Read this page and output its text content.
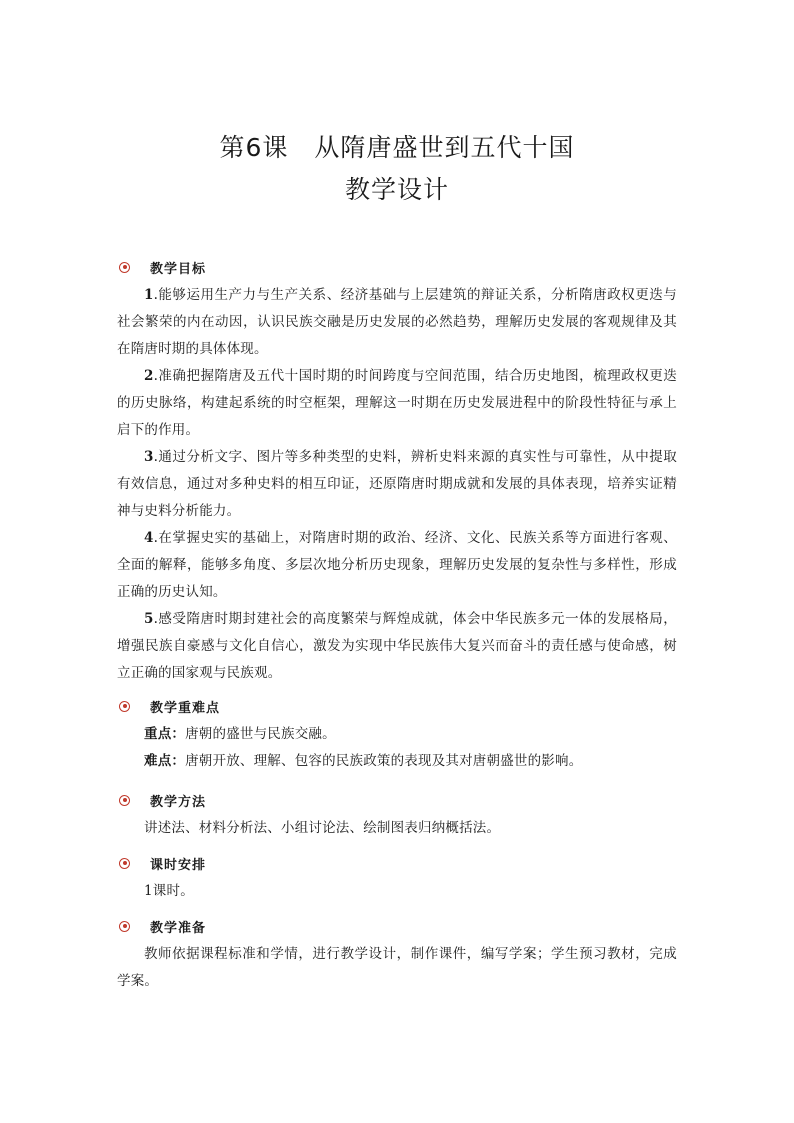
第6课　从隋唐盛世到五代十国
教学设计
教学目标

1.能够运用生产力与生产关系、经济基础与上层建筑的辩证关系，分析隋唐政权更迭与社会繁荣的内在动因，认识民族交融是历史发展的必然趋势，理解历史发展的客观规律及其在隋唐时期的具体体现。

2.准确把握隋唐及五代十国时期的时间跨度与空间范围，结合历史地图，梳理政权更迭的历史脉络，构建起系统的时空框架，理解这一时期在历史发展进程中的阶段性特征与承上启下的作用。

3.通过分析文字、图片等多种类型的史料，辨析史料来源的真实性与可靠性，从中提取有效信息，通过对多种史料的相互印证，还原隋唐时期成就和发展的具体表现，培养实证精神与史料分析能力。

4.在掌握史实的基础上，对隋唐时期的政治、经济、文化、民族关系等方面进行客观、全面的解释，能够多角度、多层次地分析历史现象，理解历史发展的复杂性与多样性，形成正确的历史认知。

5.感受隋唐时期封建社会的高度繁荣与辉煌成就，体会中华民族多元一体的发展格局，增强民族自豪感与文化自信心，激发为实现中华民族伟大复兴而奋斗的责任感与使命感，树立正确的国家观与民族观。

教学重难点

重点：唐朝的盛世与民族交融。

难点：唐朝开放、理解、包容的民族政策的表现及其对唐朝盛世的影响。

教学方法

讲述法、材料分析法、小组讨论法、绘制图表归纳概括法。

课时安排

1课时。

教学准备

教师依据课程标准和学情，进行教学设计，制作课件，编写学案；学生预习教材，完成学案。
